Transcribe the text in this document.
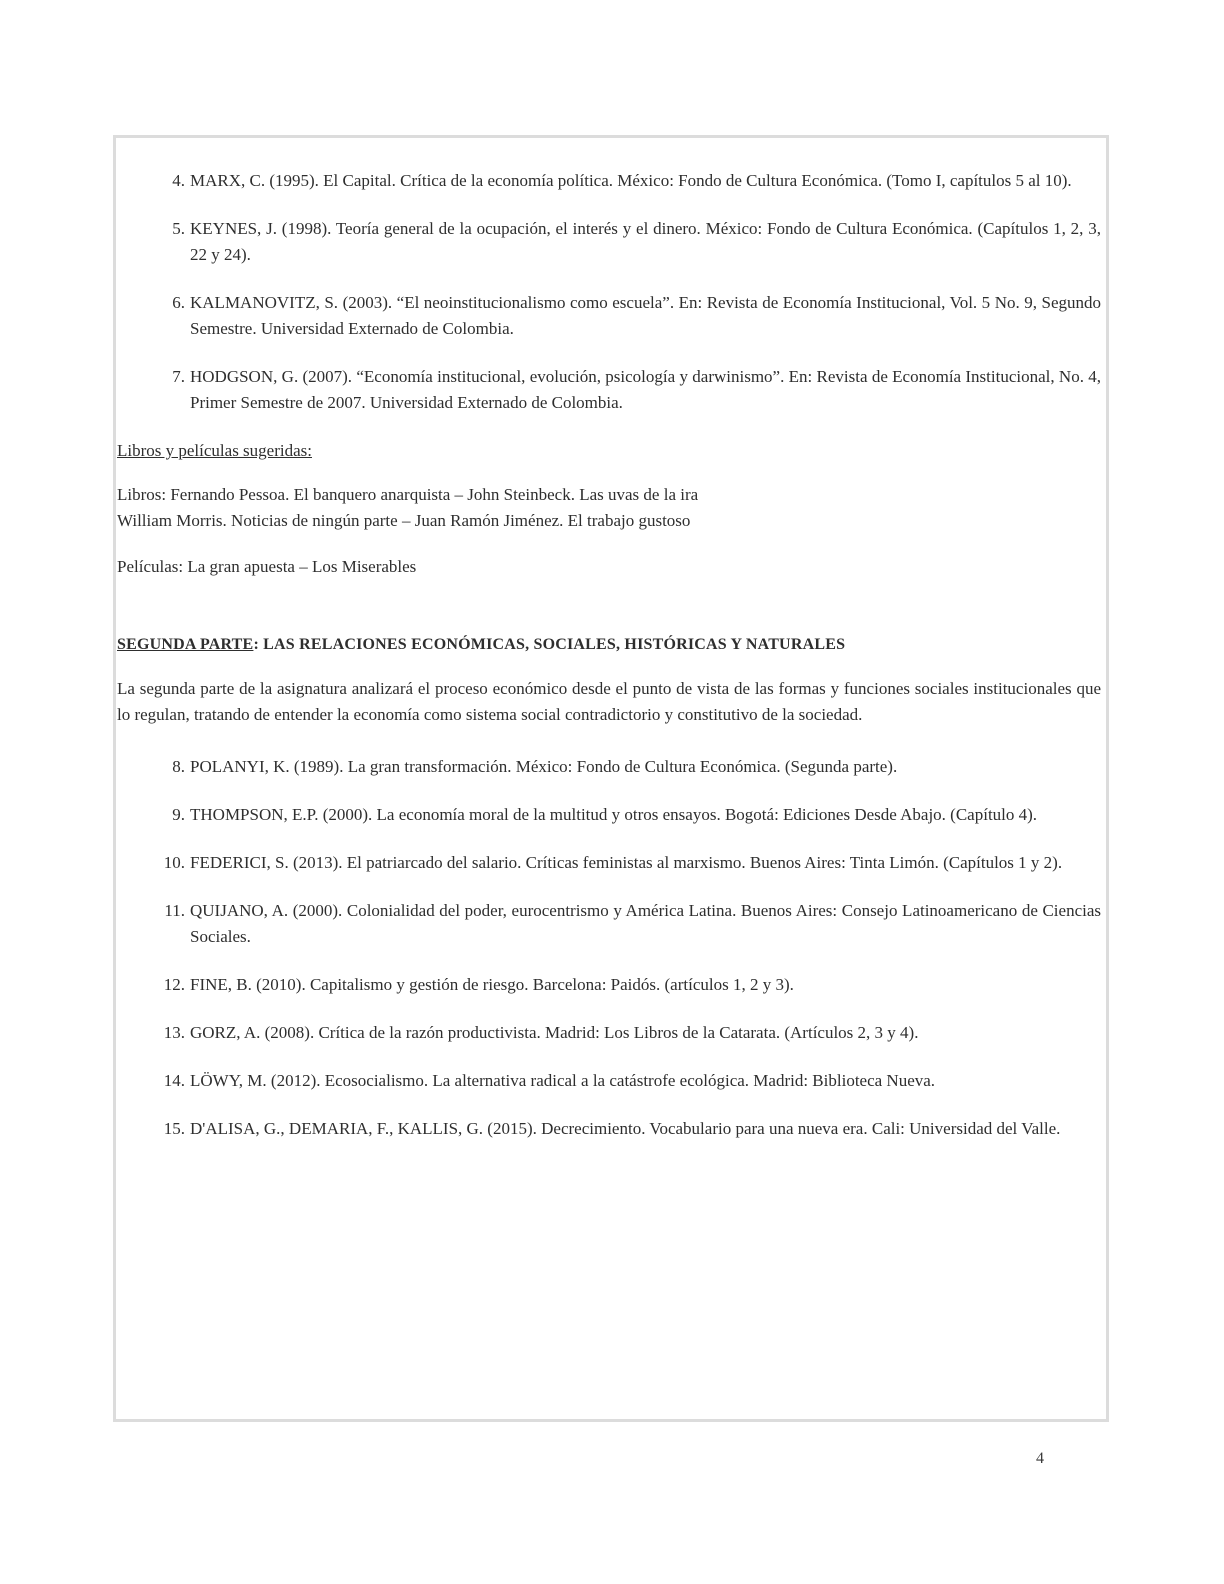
4. MARX, C. (1995). El Capital. Crítica de la economía política. México: Fondo de Cultura Económica. (Tomo I, capítulos 5 al 10).
5. KEYNES, J. (1998). Teoría general de la ocupación, el interés y el dinero. México: Fondo de Cultura Económica. (Capítulos 1, 2, 3, 22 y 24).
6. KALMANOVITZ, S. (2003). “El neoinstitucionalismo como escuela”. En: Revista de Economía Institucional, Vol. 5 No. 9, Segundo Semestre. Universidad Externado de Colombia.
7. HODGSON, G. (2007). “Economía institucional, evolución, psicología y darwinismo”. En: Revista de Economía Institucional, No. 4, Primer Semestre de 2007. Universidad Externado de Colombia.

Libros y películas sugeridas:

Libros: Fernando Pessoa. El banquero anarquista – John Steinbeck. Las uvas de la ira

William Morris. Noticias de ningún parte – Juan Ramón Jiménez. El trabajo gustoso

Películas: La gran apuesta – Los Miserables

SEGUNDA PARTE: LAS RELACIONES ECONÓMICAS, SOCIALES, HISTÓRICAS Y NATURALES

La segunda parte de la asignatura analizará el proceso económico desde el punto de vista de las formas y funciones sociales institucionales que lo regulan, tratando de entender la economía como sistema social contradictorio y constitutivo de la sociedad.

8. POLANYI, K. (1989). La gran transformación. México: Fondo de Cultura Económica. (Segunda parte).
9. THOMPSON, E.P. (2000). La economía moral de la multitud y otros ensayos. Bogotá: Ediciones Desde Abajo. (Capítulo 4).
10. FEDERICI, S. (2013). El patriarcado del salario. Críticas feministas al marxismo. Buenos Aires: Tinta Limón. (Capítulos 1 y 2).
11. QUIJANO, A. (2000). Colonialidad del poder, eurocentrismo y América Latina. Buenos Aires: Consejo Latinoamericano de Ciencias Sociales.
12. FINE, B. (2010). Capitalismo y gestión de riesgo. Barcelona: Paidós. (artículos 1, 2 y 3).
13. GORZ, A. (2008). Crítica de la razón productivista. Madrid: Los Libros de la Catarata. (Artículos 2, 3 y 4).
14. LÖWY, M. (2012). Ecosocialismo. La alternativa radical a la catástrofe ecológica. Madrid: Biblioteca Nueva.
15. D'ALISA, G., DEMARIA, F., KALLIS, G. (2015). Decrecimiento. Vocabulario para una nueva era. Cali: Universidad del Valle.
4
